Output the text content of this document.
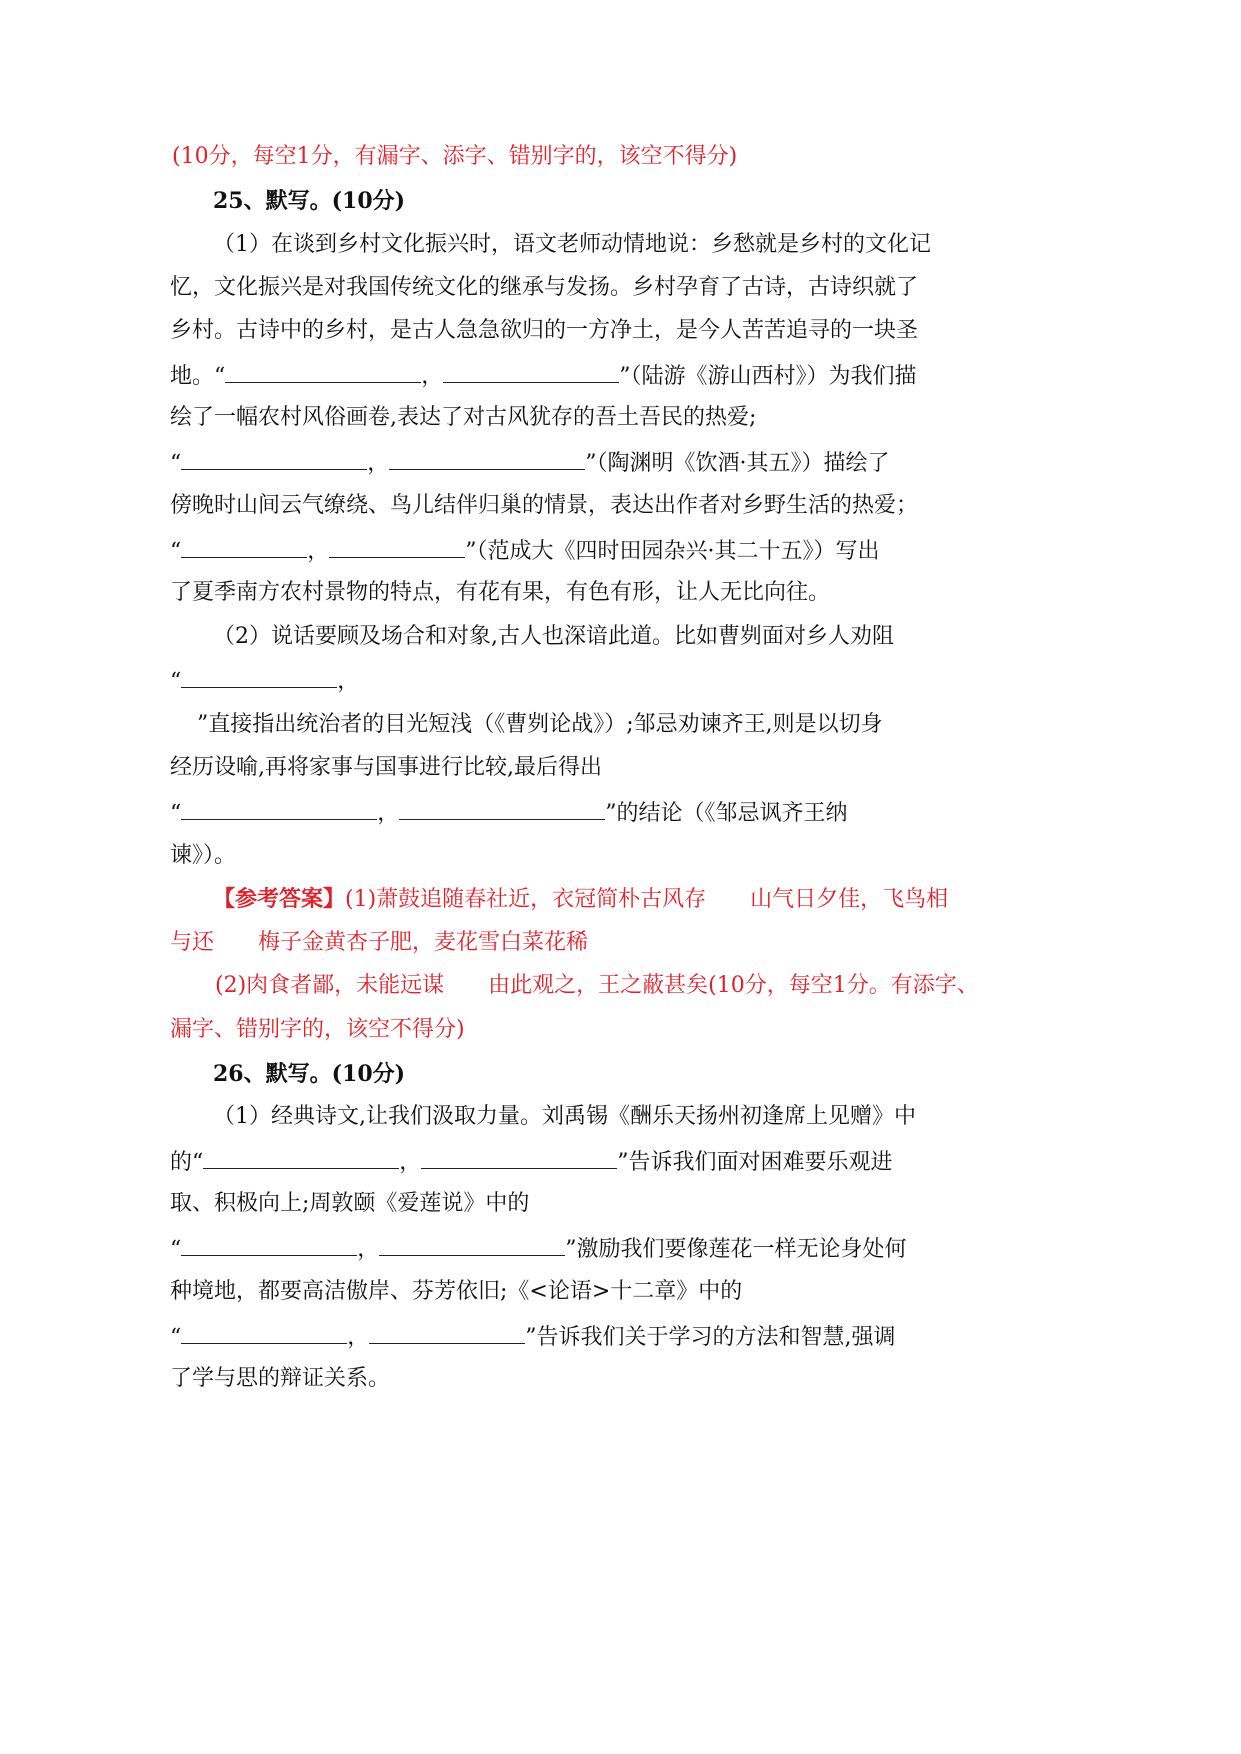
(10分，每空1分，有漏字、添字、错别字的，该空不得分)
25、默写。(10分)
（1）在谈到乡村文化振兴时，语文老师动情地说：乡愁就是乡村的文化记
忆，文化振兴是对我国传统文化的继承与发扬。乡村孕育了古诗，古诗织就了
乡村。古诗中的乡村，是古人急急欲归的一方净土，是今人苦苦追寻的一块圣
地。“	，	”（陆游《游山西村》）为我们描
绘了一幅农村风俗画卷,表达了对古风犹存的吾土吾民的热爱;
“	，	”（陶渊明《饮酒·其五》）描绘了
傍晚时山间云气缭绕、鸟儿结伴归巢的情景，表达出作者对乡野生活的热爱；
“	，	”（范成大《四时田园杂兴·其二十五》）写出
了夏季南方农村景物的特点，有花有果，有色有形，让人无比向往。
（2）说话要顾及场合和对象,古人也深谙此道。比如曹刿面对乡人劝阻
“	，
”直接指出统治者的目光短浅（《曹刿论战》）;邹忌劝谏齐王,则是以切身
经历设喻,再将家事与国事进行比较,最后得出
“	，	”的结论（《邹忌讽齐王纳
谏》）。
【参考答案】(1)萧鼓追随春社近，衣冠简朴古风存　　山气日夕佳，飞鸟相
与还　　梅子金黄杏子肥，麦花雪白菜花稀
(2)肉食者鄙，未能远谋　　由此观之，王之蔽甚矣(10分，每空1分。有添字、
漏字、错别字的，该空不得分)
26、默写。(10分)
（1）经典诗文,让我们汲取力量。刘禹锡《酬乐天扬州初逢席上见赠》中
的“	，	”告诉我们面对困难要乐观进
取、积极向上;周敦颐《爱莲说》中的
“	，	”激励我们要像莲花一样无论身处何
种境地，都要高洁傲岸、芬芳依旧;《<论语>十二章》中的
“	，	”告诉我们关于学习的方法和智慧,强调
了学与思的辩证关系。
